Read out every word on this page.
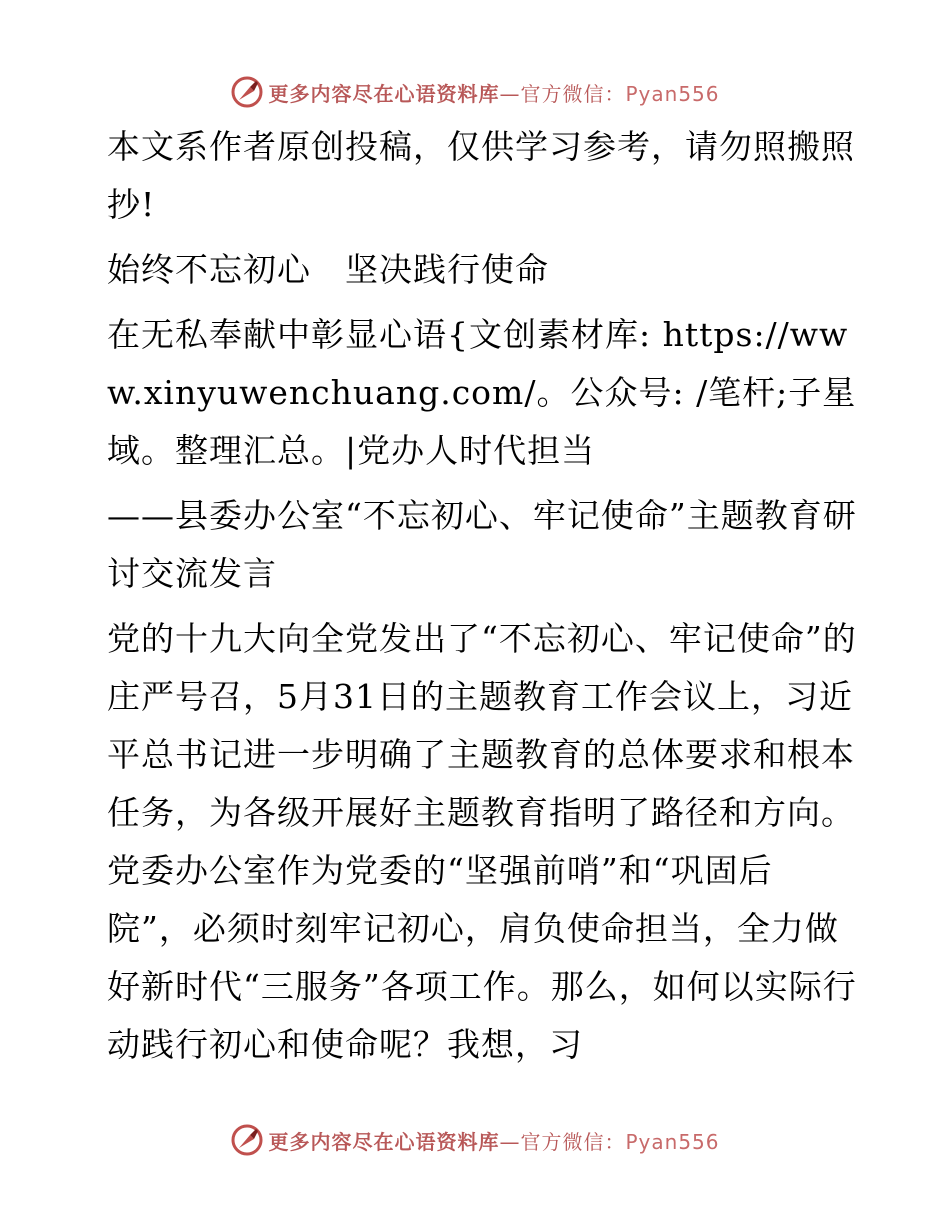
更多内容尽在心语资料库—官方微信：Pyan556

本文系作者原创投稿，仅供学习参考，请勿照搬照抄!

始终不忘初心　坚决践行使命

在无私奉献中彰显心语{文创素材库: https://www.xinyuwenchuang.com/。公众号: /笔杆;子星域。整理汇总。|党办人时代担当

——县委办公室“不忘初心、牢记使命”主题教育研讨交流发言

党的十九大向全党发出了“不忘初心、牢记使命”的庄严号召，5月31日的主题教育工作会议上，习近平总书记进一步明确了主题教育的总体要求和根本任务，为各级开展好主题教育指明了路径和方向。党委办公室作为党委的“坚强前哨”和“巩固后院”，必须时刻牢记初心，肩负使命担当，全力做好新时代“三服务”各项工作。那么，如何以实际行动践行初心和使命呢？我想，习

更多内容尽在心语资料库—官方微信：Pyan556
